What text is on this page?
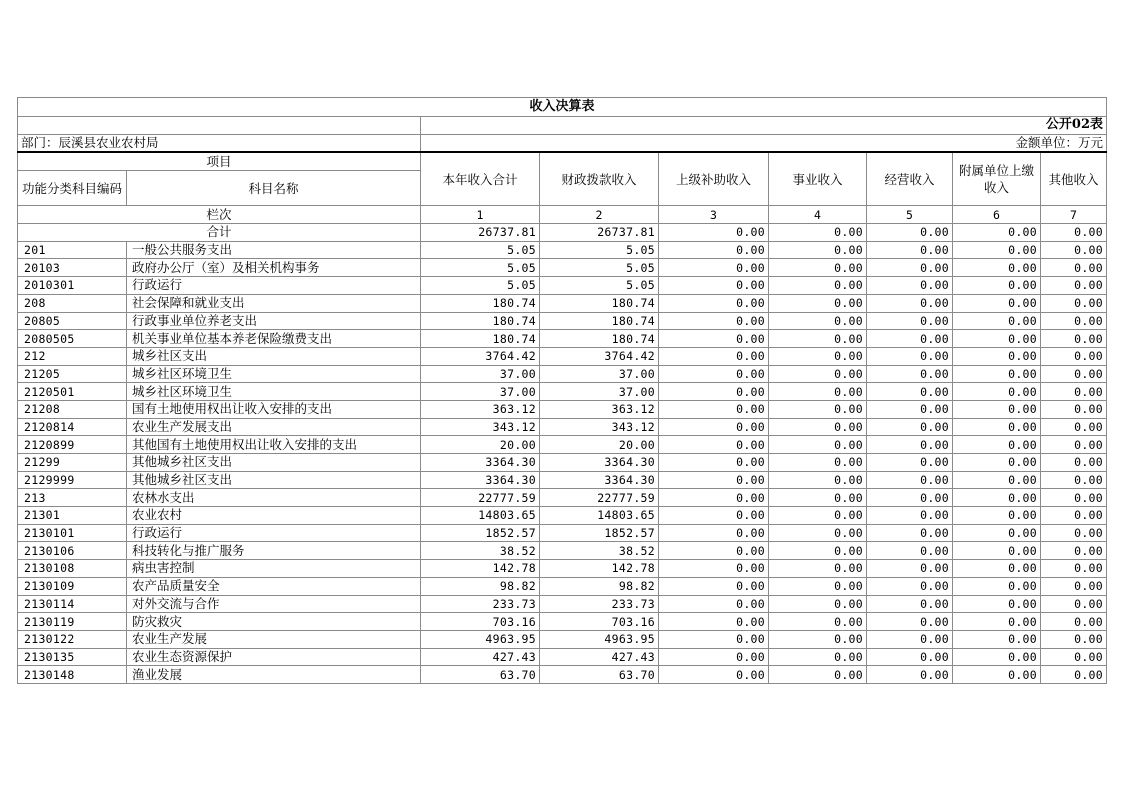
收入决算表								
		公开02表						
部门：辰溪县农业农村局		金额单位：万元						
项目		本年收入合计	财政拨款收入	上级补助收入	事业收入	经营收入	附属单位上缴收入	其他收入
功能分类科目编码	科目名称							
栏次		1	2	3	4	5	6	7
合计		26737.81	26737.81	0.00	0.00	0.00	0.00	0.00
201	一般公共服务支出	5.05	5.05	0.00	0.00	0.00	0.00	0.00
20103	政府办公厅（室）及相关机构事务	5.05	5.05	0.00	0.00	0.00	0.00	0.00
2010301	行政运行	5.05	5.05	0.00	0.00	0.00	0.00	0.00
208	社会保障和就业支出	180.74	180.74	0.00	0.00	0.00	0.00	0.00
20805	行政事业单位养老支出	180.74	180.74	0.00	0.00	0.00	0.00	0.00
2080505	机关事业单位基本养老保险缴费支出	180.74	180.74	0.00	0.00	0.00	0.00	0.00
212	城乡社区支出	3764.42	3764.42	0.00	0.00	0.00	0.00	0.00
21205	城乡社区环境卫生	37.00	37.00	0.00	0.00	0.00	0.00	0.00
2120501	城乡社区环境卫生	37.00	37.00	0.00	0.00	0.00	0.00	0.00
21208	国有土地使用权出让收入安排的支出	363.12	363.12	0.00	0.00	0.00	0.00	0.00
2120814	农业生产发展支出	343.12	343.12	0.00	0.00	0.00	0.00	0.00
2120899	其他国有土地使用权出让收入安排的支出	20.00	20.00	0.00	0.00	0.00	0.00	0.00
21299	其他城乡社区支出	3364.30	3364.30	0.00	0.00	0.00	0.00	0.00
2129999	其他城乡社区支出	3364.30	3364.30	0.00	0.00	0.00	0.00	0.00
213	农林水支出	22777.59	22777.59	0.00	0.00	0.00	0.00	0.00
21301	农业农村	14803.65	14803.65	0.00	0.00	0.00	0.00	0.00
2130101	行政运行	1852.57	1852.57	0.00	0.00	0.00	0.00	0.00
2130106	科技转化与推广服务	38.52	38.52	0.00	0.00	0.00	0.00	0.00
2130108	病虫害控制	142.78	142.78	0.00	0.00	0.00	0.00	0.00
2130109	农产品质量安全	98.82	98.82	0.00	0.00	0.00	0.00	0.00
2130114	对外交流与合作	233.73	233.73	0.00	0.00	0.00	0.00	0.00
2130119	防灾救灾	703.16	703.16	0.00	0.00	0.00	0.00	0.00
2130122	农业生产发展	4963.95	4963.95	0.00	0.00	0.00	0.00	0.00
2130135	农业生态资源保护	427.43	427.43	0.00	0.00	0.00	0.00	0.00
2130148	渔业发展	63.70	63.70	0.00	0.00	0.00	0.00	0.00
